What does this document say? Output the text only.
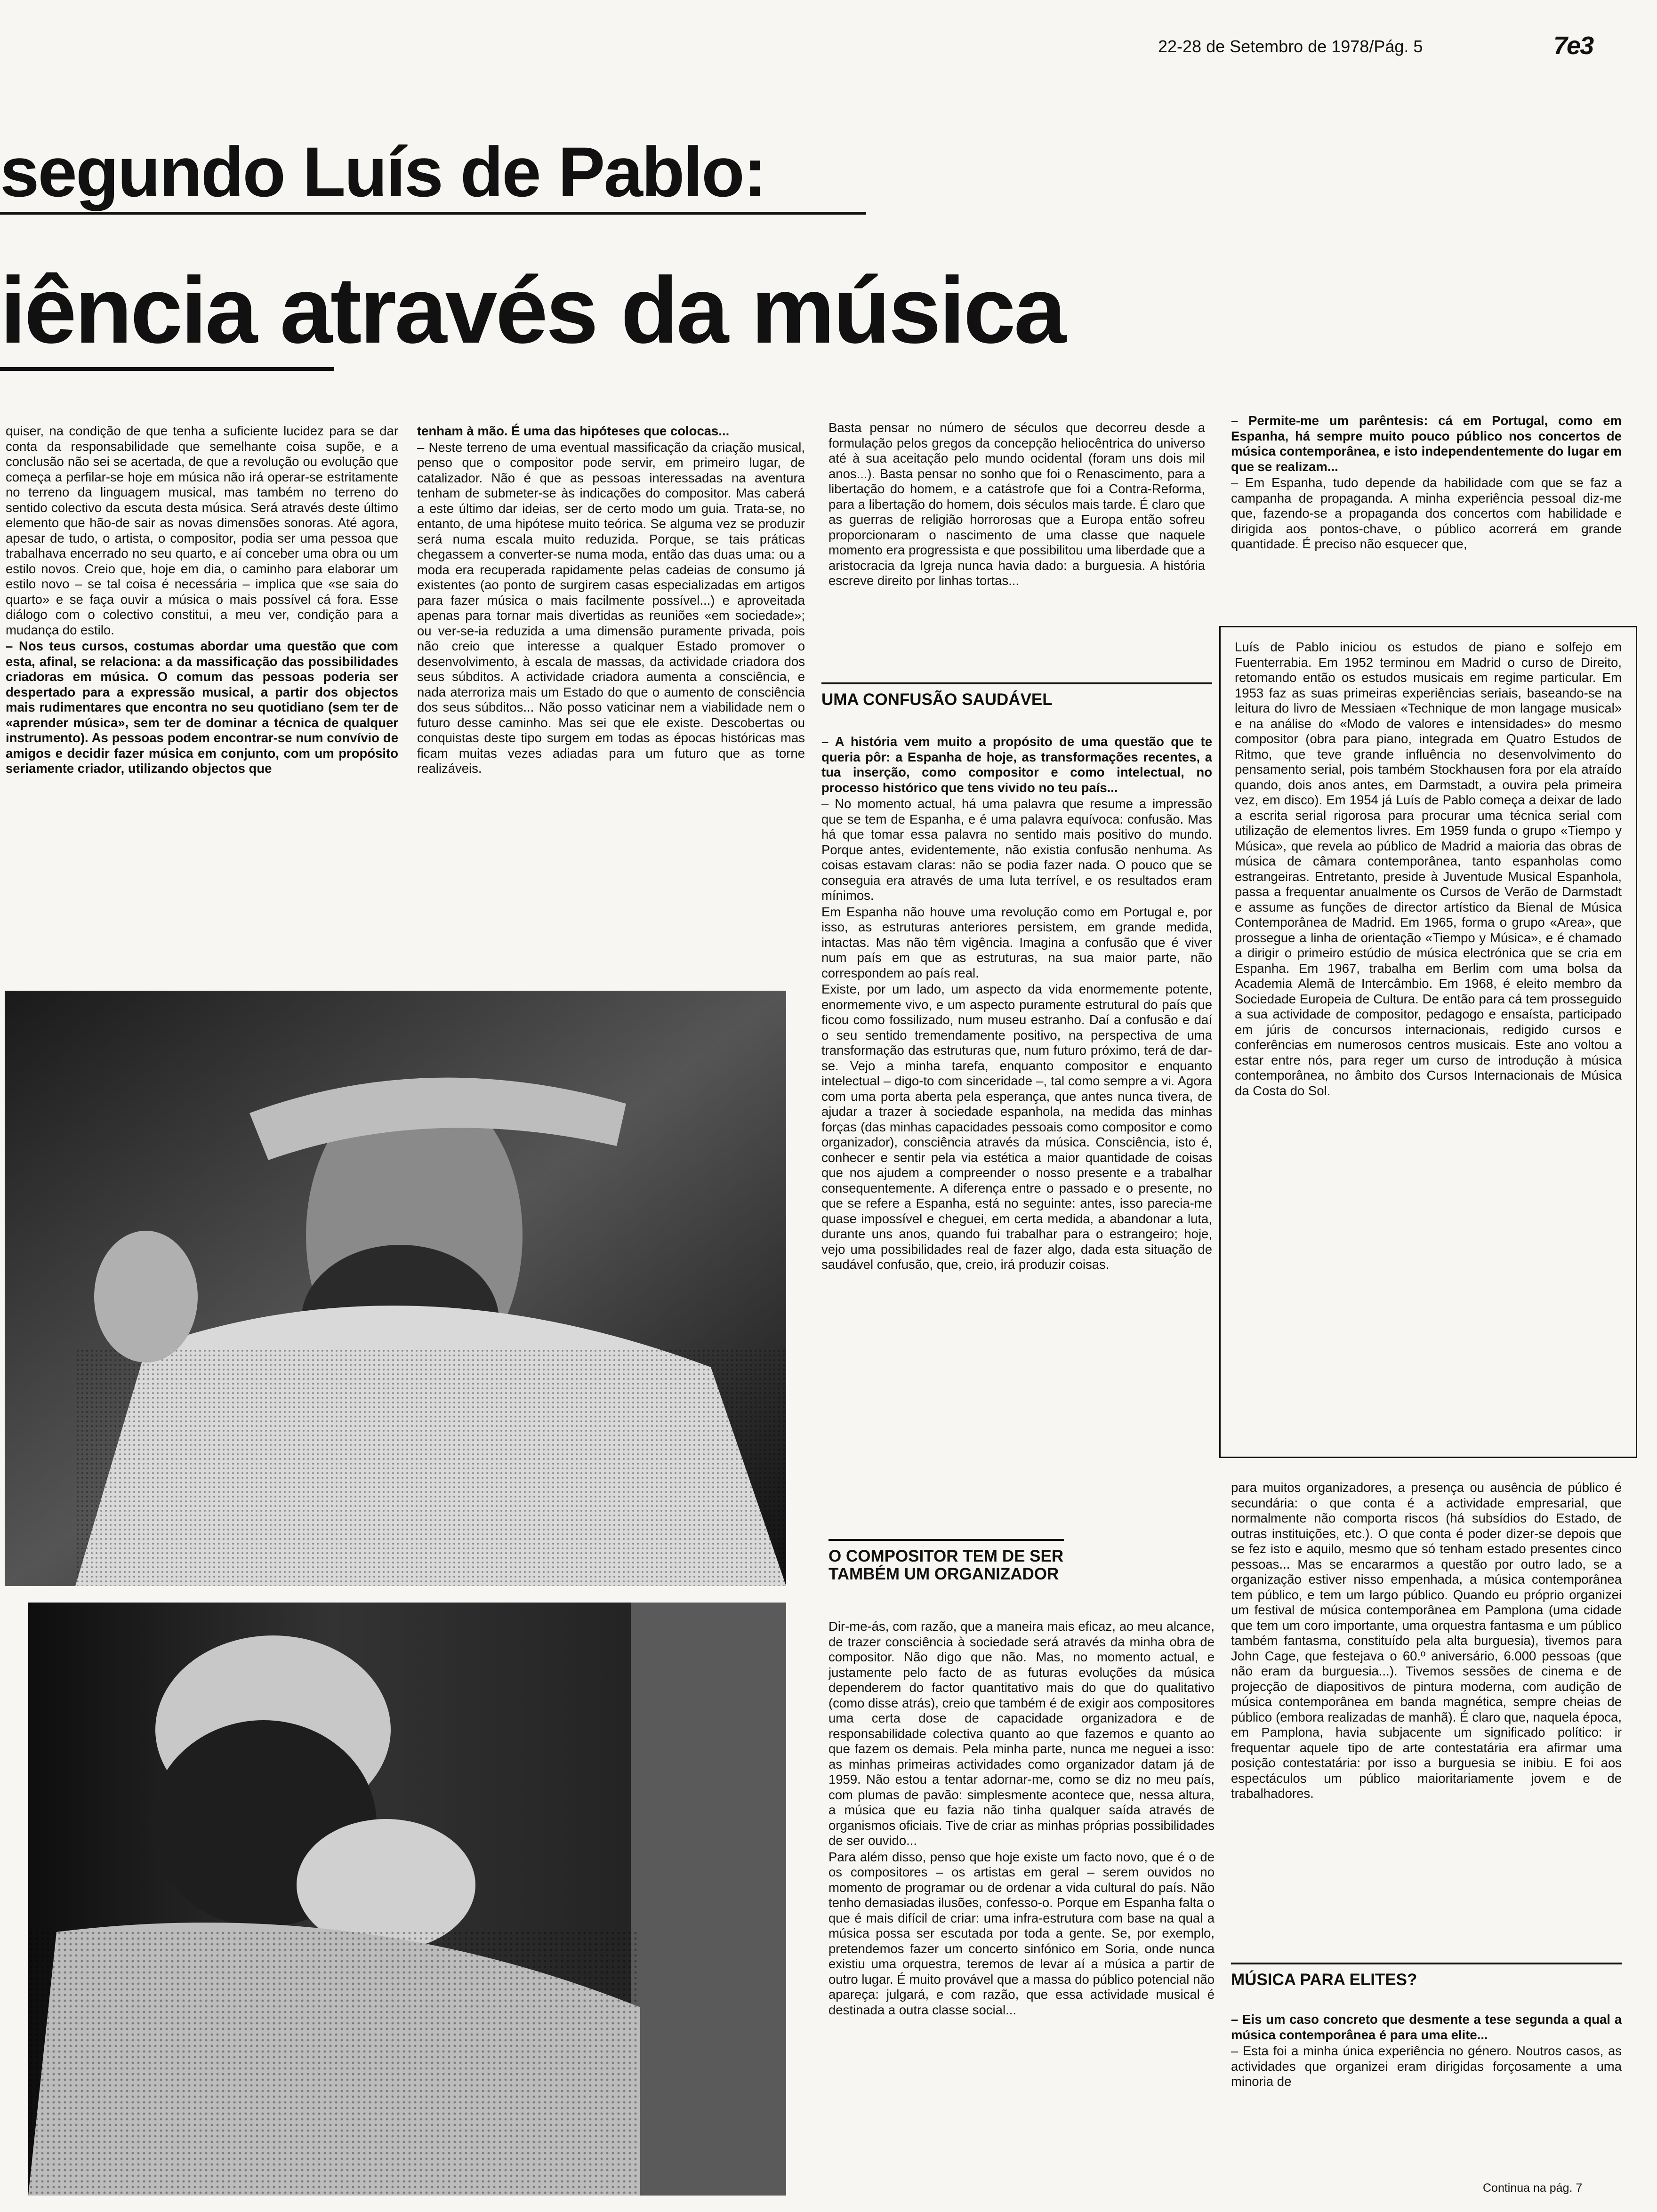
22-28 de Setembro de 1978/Pág. 5	7e3
segundo Luís de Pablo:
iência através da música

quiser, na condição de que tenha a suficiente lucidez para se dar conta da responsabilidade que semelhante coisa supõe, e a conclusão não sei se acertada, de que a revolução ou evolução que começa a perfilar-se hoje em música não irá operar-se estritamente no terreno da linguagem musical, mas também no terreno do sentido colectivo da escuta desta música. Será através deste último elemento que hão-de sair as novas dimensões sonoras. Até agora, apesar de tudo, o artista, o compositor, podia ser uma pessoa que trabalhava encerrado no seu quarto, e aí conceber uma obra ou um estilo novos. Creio que, hoje em dia, o caminho para elaborar um estilo novo – se tal coisa é necessária – implica que «se saia do quarto» e se faça ouvir a música o mais possível cá fora. Esse diálogo com o colectivo constitui, a meu ver, condição para a mudança do estilo.

– Nos teus cursos, costumas abordar uma questão que com esta, afinal, se relaciona: a da massificação das possibilidades criadoras em música. O comum das pessoas poderia ser despertado para a expressão musical, a partir dos objectos mais rudimentares que encontra no seu quotidiano (sem ter de «aprender música», sem ter de dominar a técnica de qualquer instrumento). As pessoas podem encontrar-se num convívio de amigos e decidir fazer música em conjunto, com um propósito seriamente criador, utilizando objectos que

tenham à mão. É uma das hipóteses que colocas...

– Neste terreno de uma eventual massificação da criação musical, penso que o compositor pode servir, em primeiro lugar, de catalizador. Não é que as pessoas interessadas na aventura tenham de submeter-se às indicações do compositor. Mas caberá a este último dar ideias, ser de certo modo um guia. Trata-se, no entanto, de uma hipótese muito teórica. Se alguma vez se produzir será numa escala muito reduzida. Porque, se tais práticas chegassem a converter-se numa moda, então das duas uma: ou a moda era recuperada rapidamente pelas cadeias de consumo já existentes (ao ponto de surgirem casas especializadas em artigos para fazer música o mais facilmente possível...) e aproveitada apenas para tornar mais divertidas as reuniões «em sociedade»; ou ver-se-ia reduzida a uma dimensão puramente privada, pois não creio que interesse a qualquer Estado promover o desenvolvimento, à escala de massas, da actividade criadora dos seus súbditos. A actividade criadora aumenta a consciência, e nada aterroriza mais um Estado do que o aumento de consciência dos seus súbditos... Não posso vaticinar nem a viabilidade nem o futuro desse caminho. Mas sei que ele existe. Descobertas ou conquistas deste tipo surgem em todas as épocas históricas mas ficam muitas vezes adiadas para um futuro que as torne realizáveis.

Basta pensar no número de séculos que decorreu desde a formulação pelos gregos da concepção heliocêntrica do universo até à sua aceitação pelo mundo ocidental (foram uns dois mil anos...). Basta pensar no sonho que foi o Renascimento, para a libertação do homem, e a catástrofe que foi a Contra-Reforma, para a libertação do homem, dois séculos mais tarde. É claro que as guerras de religião horrorosas que a Europa então sofreu proporcionaram o nascimento de uma classe que naquele momento era progressista e que possibilitou uma liberdade que a aristocracia da Igreja nunca havia dado: a burguesia. A história escreve direito por linhas tortas...

UMA CONFUSÃO SAUDÁVEL

– A história vem muito a propósito de uma questão que te queria pôr: a Espanha de hoje, as transformações recentes, a tua inserção, como compositor e como intelectual, no processo histórico que tens vivido no teu país...

– No momento actual, há uma palavra que resume a impressão que se tem de Espanha, e é uma palavra equívoca: confusão. Mas há que tomar essa palavra no sentido mais positivo do mundo. Porque antes, evidentemente, não existia confusão nenhuma. As coisas estavam claras: não se podia fazer nada. O pouco que se conseguia era através de uma luta terrível, e os resultados eram mínimos.

Em Espanha não houve uma revolução como em Portugal e, por isso, as estruturas anteriores persistem, em grande medida, intactas. Mas não têm vigência. Imagina a confusão que é viver num país em que as estruturas, na sua maior parte, não correspondem ao país real.

Existe, por um lado, um aspecto da vida enormemente potente, enormemente vivo, e um aspecto puramente estrutural do país que ficou como fossilizado, num museu estranho. Daí a confusão e daí o seu sentido tremendamente positivo, na perspectiva de uma transformação das estruturas que, num futuro próximo, terá de dar-se. Vejo a minha tarefa, enquanto compositor e enquanto intelectual – digo-to com sinceridade –, tal como sempre a vi. Agora com uma porta aberta pela esperança, que antes nunca tivera, de ajudar a trazer à sociedade espanhola, na medida das minhas forças (das minhas capacidades pessoais como compositor e como organizador), consciência através da música. Consciência, isto é, conhecer e sentir pela via estética a maior quantidade de coisas que nos ajudem a compreender o nosso presente e a trabalhar consequentemente. A diferença entre o passado e o presente, no que se refere a Espanha, está no seguinte: antes, isso parecia-me quase impossível e cheguei, em certa medida, a abandonar a luta, durante uns anos, quando fui trabalhar para o estrangeiro; hoje, vejo uma possibilidades real de fazer algo, dada esta situação de saudável confusão, que, creio, irá produzir coisas.

O COMPOSITOR TEM DE SER TAMBÉM UM ORGANIZADOR

Dir-me-ás, com razão, que a maneira mais eficaz, ao meu alcance, de trazer consciência à sociedade será através da minha obra de compositor. Não digo que não. Mas, no momento actual, e justamente pelo facto de as futuras evoluções da música dependerem do factor quantitativo mais do que do qualitativo (como disse atrás), creio que também é de exigir aos compositores uma certa dose de capacidade organizadora e de responsabilidade colectiva quanto ao que fazemos e quanto ao que fazem os demais. Pela minha parte, nunca me neguei a isso: as minhas primeiras actividades como organizador datam já de 1959. Não estou a tentar adornar-me, como se diz no meu país, com plumas de pavão: simplesmente acontece que, nessa altura, a música que eu fazia não tinha qualquer saída através de organismos oficiais. Tive de criar as minhas próprias possibilidades de ser ouvido...

Para além disso, penso que hoje existe um facto novo, que é o de os compositores – os artistas em geral – serem ouvidos no momento de programar ou de ordenar a vida cultural do país. Não tenho demasiadas ilusões, confesso-o. Porque em Espanha falta o que é mais difícil de criar: uma infra-estrutura com base na qual a música possa ser escutada por toda a gente. Se, por exemplo, pretendemos fazer um concerto sinfónico em Soria, onde nunca existiu uma orquestra, teremos de levar aí a música a partir de outro lugar. É muito provável que a massa do público potencial não apareça: julgará, e com razão, que essa actividade musical é destinada a outra classe social...

– Permite-me um parêntesis: cá em Portugal, como em Espanha, há sempre muito pouco público nos concertos de música contemporânea, e isto independentemente do lugar em que se realizam...

– Em Espanha, tudo depende da habilidade com que se faz a campanha de propaganda. A minha experiência pessoal diz-me que, fazendo-se a propaganda dos concertos com habilidade e dirigida aos pontos-chave, o público acorrerá em grande quantidade. É preciso não esquecer que,

Luís de Pablo iniciou os estudos de piano e solfejo em Fuenterrabia. Em 1952 terminou em Madrid o curso de Direito, retomando então os estudos musicais em regime particular. Em 1953 faz as suas primeiras experiências seriais, baseando-se na leitura do livro de Messiaen «Technique de mon langage musical» e na análise do «Modo de valores e intensidades» do mesmo compositor (obra para piano, integrada em Quatro Estudos de Ritmo, que teve grande influência no desenvolvimento do pensamento serial, pois também Stockhausen fora por ela atraído quando, dois anos antes, em Darmstadt, a ouvira pela primeira vez, em disco). Em 1954 já Luís de Pablo começa a deixar de lado a escrita serial rigorosa para procurar uma técnica serial com utilização de elementos livres. Em 1959 funda o grupo «Tiempo y Música», que revela ao público de Madrid a maioria das obras de música de câmara contemporânea, tanto espanholas como estrangeiras. Entretanto, preside à Juventude Musical Espanhola, passa a frequentar anualmente os Cursos de Verão de Darmstadt e assume as funções de director artístico da Bienal de Música Contemporânea de Madrid. Em 1965, forma o grupo «Area», que prossegue a linha de orientação «Tiempo y Música», e é chamado a dirigir o primeiro estúdio de música electrónica que se cria em Espanha. Em 1967, trabalha em Berlim com uma bolsa da Academia Alemã de Intercâmbio. Em 1968, é eleito membro da Sociedade Europeia de Cultura. De então para cá tem prosseguido a sua actividade de compositor, pedagogo e ensaísta, participado em júris de concursos internacionais, redigido cursos e conferências em numerosos centros musicais. Este ano voltou a estar entre nós, para reger um curso de introdução à música contemporânea, no âmbito dos Cursos Internacionais de Música da Costa do Sol.

para muitos organizadores, a presença ou ausência de público é secundária: o que conta é a actividade empresarial, que normalmente não comporta riscos (há subsídios do Estado, de outras instituições, etc.). O que conta é poder dizer-se depois que se fez isto e aquilo, mesmo que só tenham estado presentes cinco pessoas... Mas se encararmos a questão por outro lado, se a organização estiver nisso empenhada, a música contemporânea tem público, e tem um largo público. Quando eu próprio organizei um festival de música contemporânea em Pamplona (uma cidade que tem um coro importante, uma orquestra fantasma e um público também fantasma, constituído pela alta burguesia), tivemos para John Cage, que festejava o 60.º aniversário, 6.000 pessoas (que não eram da burguesia...). Tivemos sessões de cinema e de projecção de diapositivos de pintura moderna, com audição de música contemporânea em banda magnética, sempre cheias de público (embora realizadas de manhã). É claro que, naquela época, em Pamplona, havia subjacente um significado político: ir frequentar aquele tipo de arte contestatária era afirmar uma posição contestatária: por isso a burguesia se inibiu. E foi aos espectáculos um público maioritariamente jovem e de trabalhadores.

MÚSICA PARA ELITES?

– Eis um caso concreto que desmente a tese segunda a qual a música contemporânea é para uma elite...

– Esta foi a minha única experiência no género. Noutros casos, as actividades que organizei eram dirigidas forçosamente a uma minoria de

Continua na pág. 7
